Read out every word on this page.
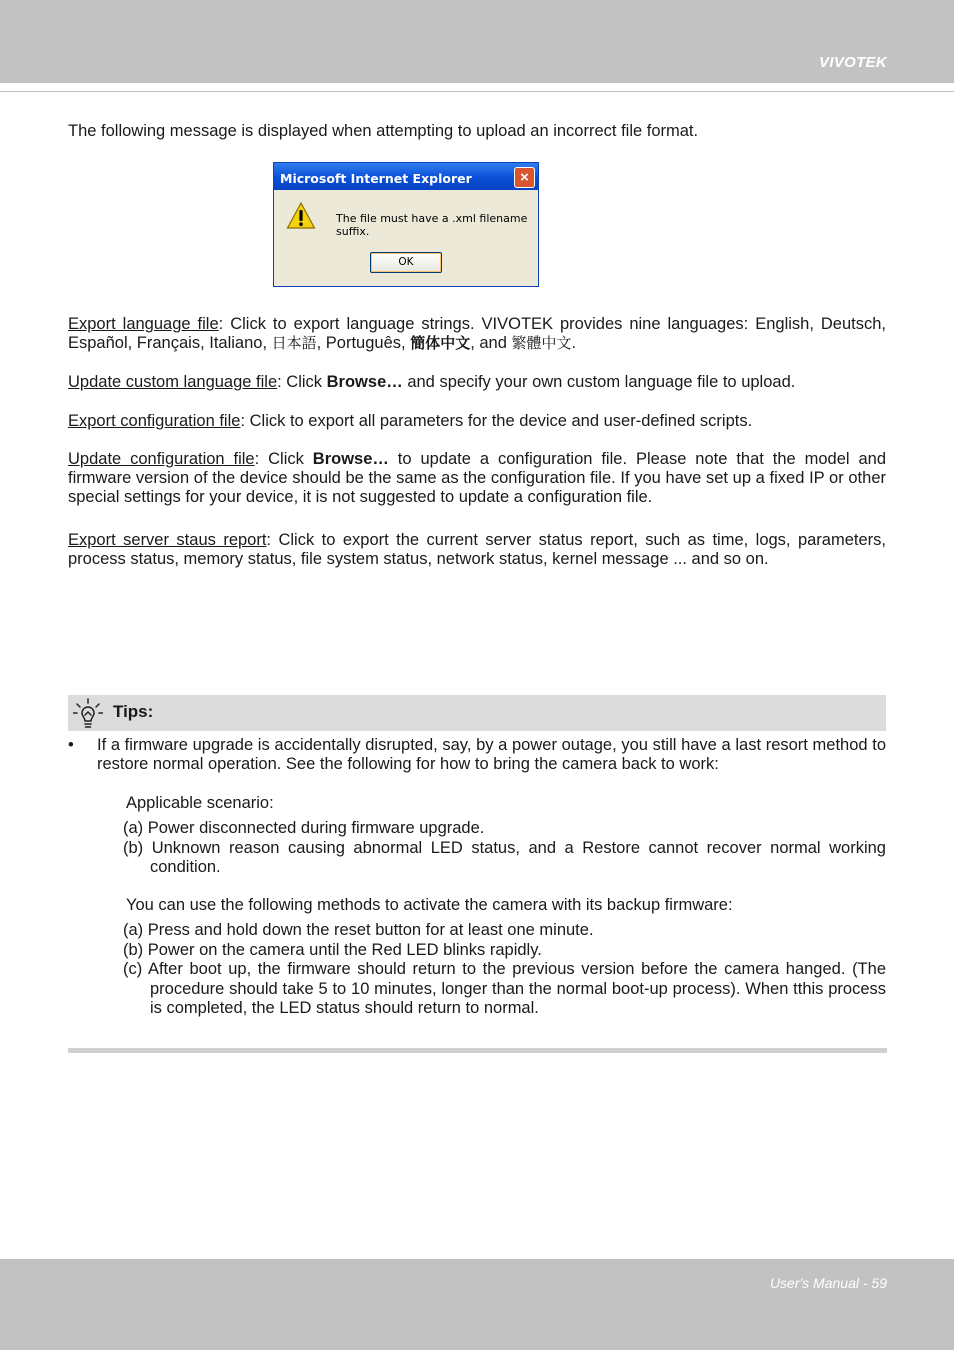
VIVOTEK

The following message is displayed when attempting to upload an incorrect file format.

Microsoft Internet Explorer	×
The file must have a .xml filename suffix.
OK

Export language file: Click to export language strings. VIVOTEK provides nine languages: English, Deutsch, Español, Français, Italiano, 日本語, Português, 簡体中文, and 繁體中文.

Update custom language file: Click Browse… and specify your own custom language file to upload.

Export configuration file: Click to export all parameters for the device and user-defined scripts.

Update configuration file: Click Browse… to update a configuration file. Please note that the model and firmware version of the device should be the same as the configuration file. If you have set up a fixed IP or other special settings for your device, it is not suggested to update a configuration file.

Export server staus report: Click to export the current server status report, such as time, logs, parameters, process status, memory status, file system status, network status, kernel message ... and so on.

Tips:
• If a firmware upgrade is accidentally disrupted, say, by a power outage, you still have a last resort method to restore normal operation. See the following for how to bring the camera back to work:

Applicable scenario:

(a) Power disconnected during firmware upgrade.

(b) Unknown reason causing abnormal LED status, and a Restore cannot recover normal working condition.

You can use the following methods to activate the camera with its backup firmware:

(a) Press and hold down the reset button for at least one minute.

(b) Power on the camera until the Red LED blinks rapidly.

(c) After boot up, the firmware should return to the previous version before the camera hanged. (The procedure should take 5 to 10 minutes, longer than the normal boot-up process). When tthis process is completed, the LED status should return to normal.

User's Manual - 59
